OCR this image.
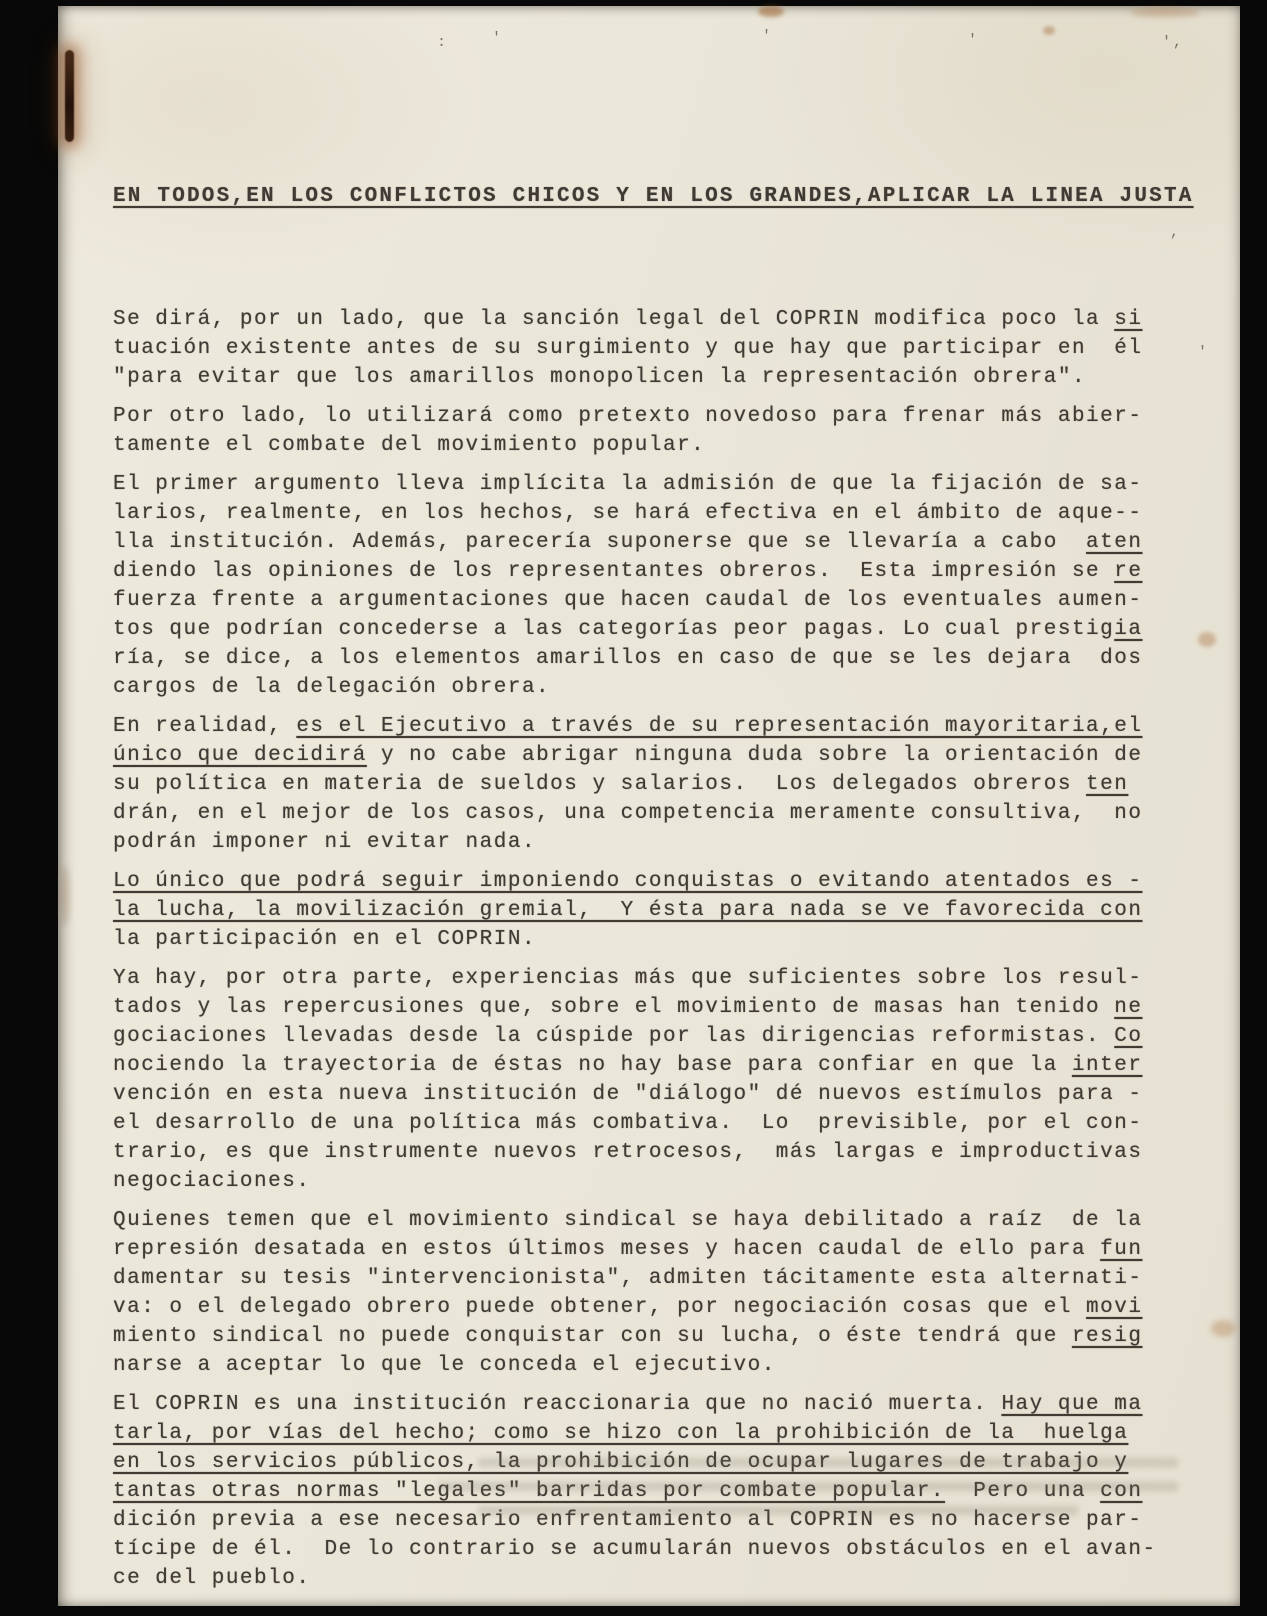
:	'	'	'	',
,
'

EN TODOS,EN LOS CONFLICTOS CHICOS Y EN LOS GRANDES,APLICAR LA LINEA JUSTA

Se dirá, por un lado, que la sanción legal del COPRIN modifica poco la si
tuación existente antes de su surgimiento y que hay que participar en  él
"para evitar que los amarillos monopolicen la representación obrera".
Por otro lado, lo utilizará como pretexto novedoso para frenar más abier-
tamente el combate del movimiento popular.
El primer argumento lleva implícita la admisión de que la fijación de sa-
larios, realmente, en los hechos, se hará efectiva en el ámbito de aque--
lla institución. Además, parecería suponerse que se llevaría a cabo  aten
diendo las opiniones de los representantes obreros.  Esta impresión se re
fuerza frente a argumentaciones que hacen caudal de los eventuales aumen-
tos que podrían concederse a las categorías peor pagas. Lo cual prestigia
ría, se dice, a los elementos amarillos en caso de que se les dejara  dos
cargos de la delegación obrera.
En realidad, es el Ejecutivo a través de su representación mayoritaria,el
único que decidirá y no cabe abrigar ninguna duda sobre la orientación de
su política en materia de sueldos y salarios.  Los delegados obreros ten
drán, en el mejor de los casos, una competencia meramente consultiva,  no
podrán imponer ni evitar nada.
Lo único que podrá seguir imponiendo conquistas o evitando atentados es -
la lucha, la movilización gremial,  Y ésta para nada se ve favorecida con
la participación en el COPRIN.
Ya hay, por otra parte, experiencias más que suficientes sobre los resul-
tados y las repercusiones que, sobre el movimiento de masas han tenido ne
gociaciones llevadas desde la cúspide por las dirigencias reformistas. Co
nociendo la trayectoria de éstas no hay base para confiar en que la inter
vención en esta nueva institución de "diálogo" dé nuevos estímulos para -
el desarrollo de una política más combativa.  Lo  previsible, por el con-
trario, es que instrumente nuevos retrocesos,  más largas e improductivas
negociaciones.
Quienes temen que el movimiento sindical se haya debilitado a raíz  de la
represión desatada en estos últimos meses y hacen caudal de ello para fun
damentar su tesis "intervencionista", admiten tácitamente esta alternati-
va: o el delegado obrero puede obtener, por negociación cosas que el movi
miento sindical no puede conquistar con su lucha, o éste tendrá que resig
narse a aceptar lo que le conceda el ejecutivo.
El COPRIN es una institución reaccionaria que no nació muerta. Hay que ma
tarla, por vías del hecho; como se hizo con la prohibición de la  huelga
en los servicios públicos, la prohibición de ocupar lugares de trabajo y
tantas otras normas "legales" barridas por combate popular.  Pero una con
dición previa a ese necesario enfrentamiento al COPRIN es no hacerse par-
tícipe de él.  De lo contrario se acumularán nuevos obstáculos en el avan-
ce del pueblo.
